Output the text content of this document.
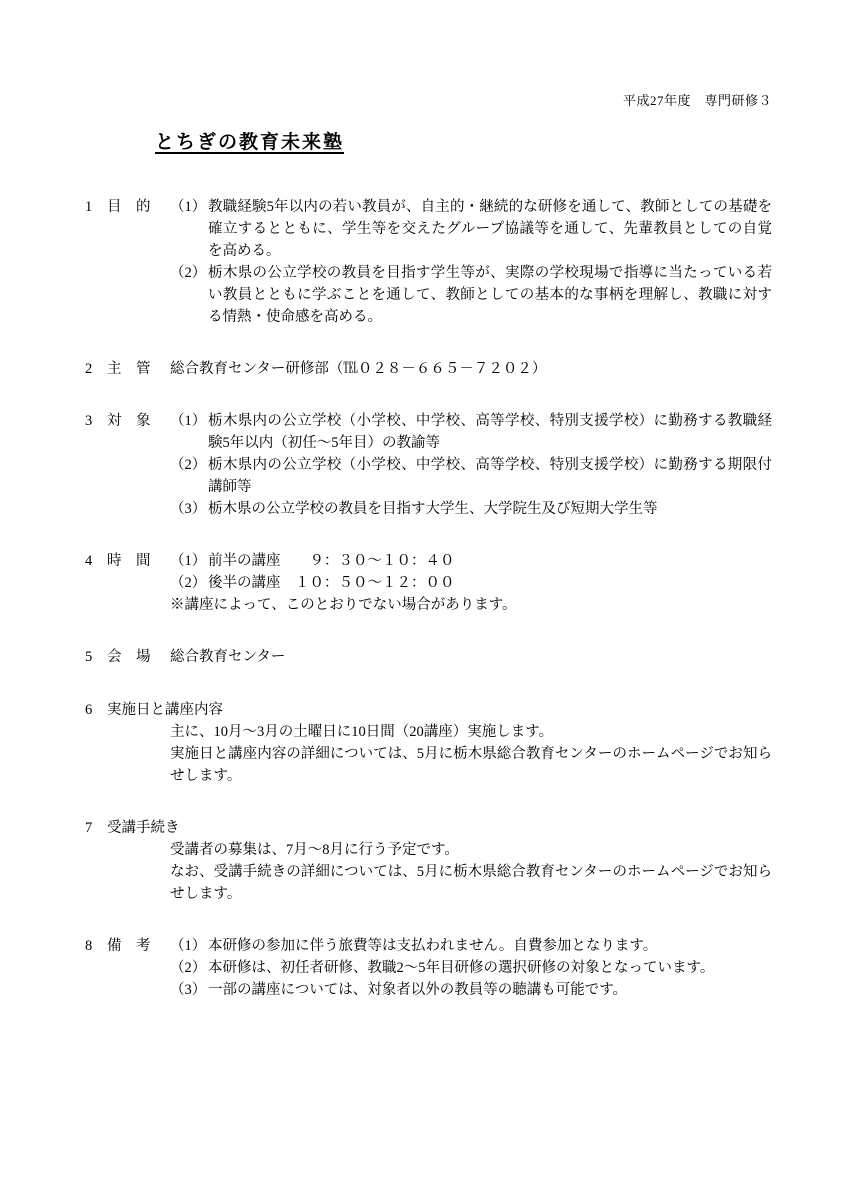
平成27年度　専門研修３
とちぎの教育未来塾
1	目　的	（1） 教職経験5年以内の若い教員が、自主的・継続的な研修を通して、教師としての基礎を確立するとともに、学生等を交えたグループ協議等を通して、先輩教員としての自覚を高める。
（2） 栃木県の公立学校の教員を目指す学生等が、実際の学校現場で指導に当たっている若い教員とともに学ぶことを通して、教師としての基本的な事柄を理解し、教職に対する情熱・使命感を高める。
2	主　管	総合教育センター研修部（℡０２８－６６５－７２０２）
3	対　象	（1） 栃木県内の公立学校（小学校、中学校、高等学校、特別支援学校）に勤務する教職経験5年以内（初任～5年目）の教諭等
（2） 栃木県内の公立学校（小学校、中学校、高等学校、特別支援学校）に勤務する期限付講師等
（3） 栃木県の公立学校の教員を目指す大学生、大学院生及び短期大学生等
4	時　間	（1） 前半の講座　　９：３０～１０：４０
（2） 後半の講座　１０：５０～１２：００
※講座によって、このとおりでない場合があります。
5	会　場	総合教育センター
6	実施日と講座内容
主に、10月～3月の土曜日に10日間（20講座）実施します。
実施日と講座内容の詳細については、5月に栃木県総合教育センターのホームページでお知らせします。
7	受講手続き
受講者の募集は、7月～8月に行う予定です。
なお、受講手続きの詳細については、5月に栃木県総合教育センターのホームページでお知らせします。
8	備　考	（1） 本研修の参加に伴う旅費等は支払われません。自費参加となります。
（2） 本研修は、初任者研修、教職2～5年目研修の選択研修の対象となっています。
（3） 一部の講座については、対象者以外の教員等の聴講も可能です。
